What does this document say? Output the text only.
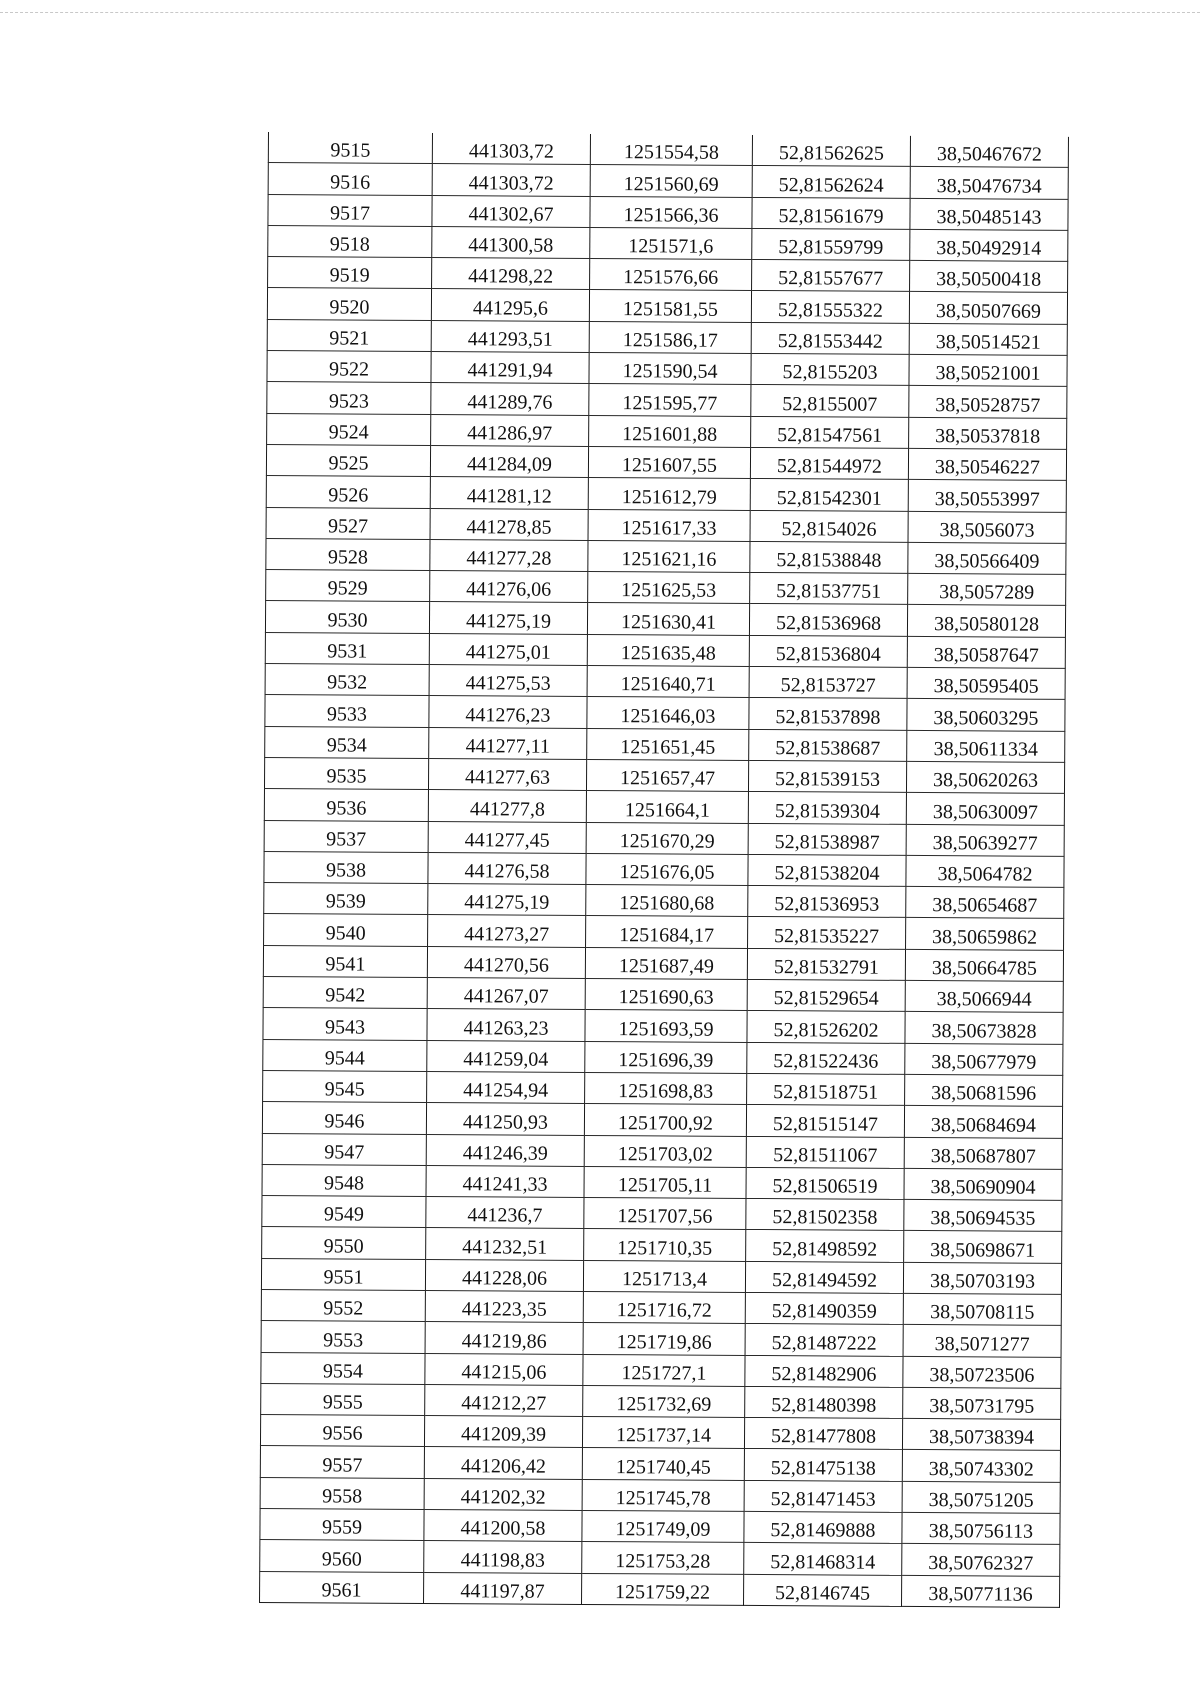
9515	441303,72	1251554,58	52,81562625	38,50467672
9516	441303,72	1251560,69	52,81562624	38,50476734
9517	441302,67	1251566,36	52,81561679	38,50485143
9518	441300,58	1251571,6	52,81559799	38,50492914
9519	441298,22	1251576,66	52,81557677	38,50500418
9520	441295,6	1251581,55	52,81555322	38,50507669
9521	441293,51	1251586,17	52,81553442	38,50514521
9522	441291,94	1251590,54	52,8155203	38,50521001
9523	441289,76	1251595,77	52,8155007	38,50528757
9524	441286,97	1251601,88	52,81547561	38,50537818
9525	441284,09	1251607,55	52,81544972	38,50546227
9526	441281,12	1251612,79	52,81542301	38,50553997
9527	441278,85	1251617,33	52,8154026	38,5056073
9528	441277,28	1251621,16	52,81538848	38,50566409
9529	441276,06	1251625,53	52,81537751	38,5057289
9530	441275,19	1251630,41	52,81536968	38,50580128
9531	441275,01	1251635,48	52,81536804	38,50587647
9532	441275,53	1251640,71	52,8153727	38,50595405
9533	441276,23	1251646,03	52,81537898	38,50603295
9534	441277,11	1251651,45	52,81538687	38,50611334
9535	441277,63	1251657,47	52,81539153	38,50620263
9536	441277,8	1251664,1	52,81539304	38,50630097
9537	441277,45	1251670,29	52,81538987	38,50639277
9538	441276,58	1251676,05	52,81538204	38,5064782
9539	441275,19	1251680,68	52,81536953	38,50654687
9540	441273,27	1251684,17	52,81535227	38,50659862
9541	441270,56	1251687,49	52,81532791	38,50664785
9542	441267,07	1251690,63	52,81529654	38,5066944
9543	441263,23	1251693,59	52,81526202	38,50673828
9544	441259,04	1251696,39	52,81522436	38,50677979
9545	441254,94	1251698,83	52,81518751	38,50681596
9546	441250,93	1251700,92	52,81515147	38,50684694
9547	441246,39	1251703,02	52,81511067	38,50687807
9548	441241,33	1251705,11	52,81506519	38,50690904
9549	441236,7	1251707,56	52,81502358	38,50694535
9550	441232,51	1251710,35	52,81498592	38,50698671
9551	441228,06	1251713,4	52,81494592	38,50703193
9552	441223,35	1251716,72	52,81490359	38,50708115
9553	441219,86	1251719,86	52,81487222	38,5071277
9554	441215,06	1251727,1	52,81482906	38,50723506
9555	441212,27	1251732,69	52,81480398	38,50731795
9556	441209,39	1251737,14	52,81477808	38,50738394
9557	441206,42	1251740,45	52,81475138	38,50743302
9558	441202,32	1251745,78	52,81471453	38,50751205
9559	441200,58	1251749,09	52,81469888	38,50756113
9560	441198,83	1251753,28	52,81468314	38,50762327
9561	441197,87	1251759,22	52,8146745	38,50771136
